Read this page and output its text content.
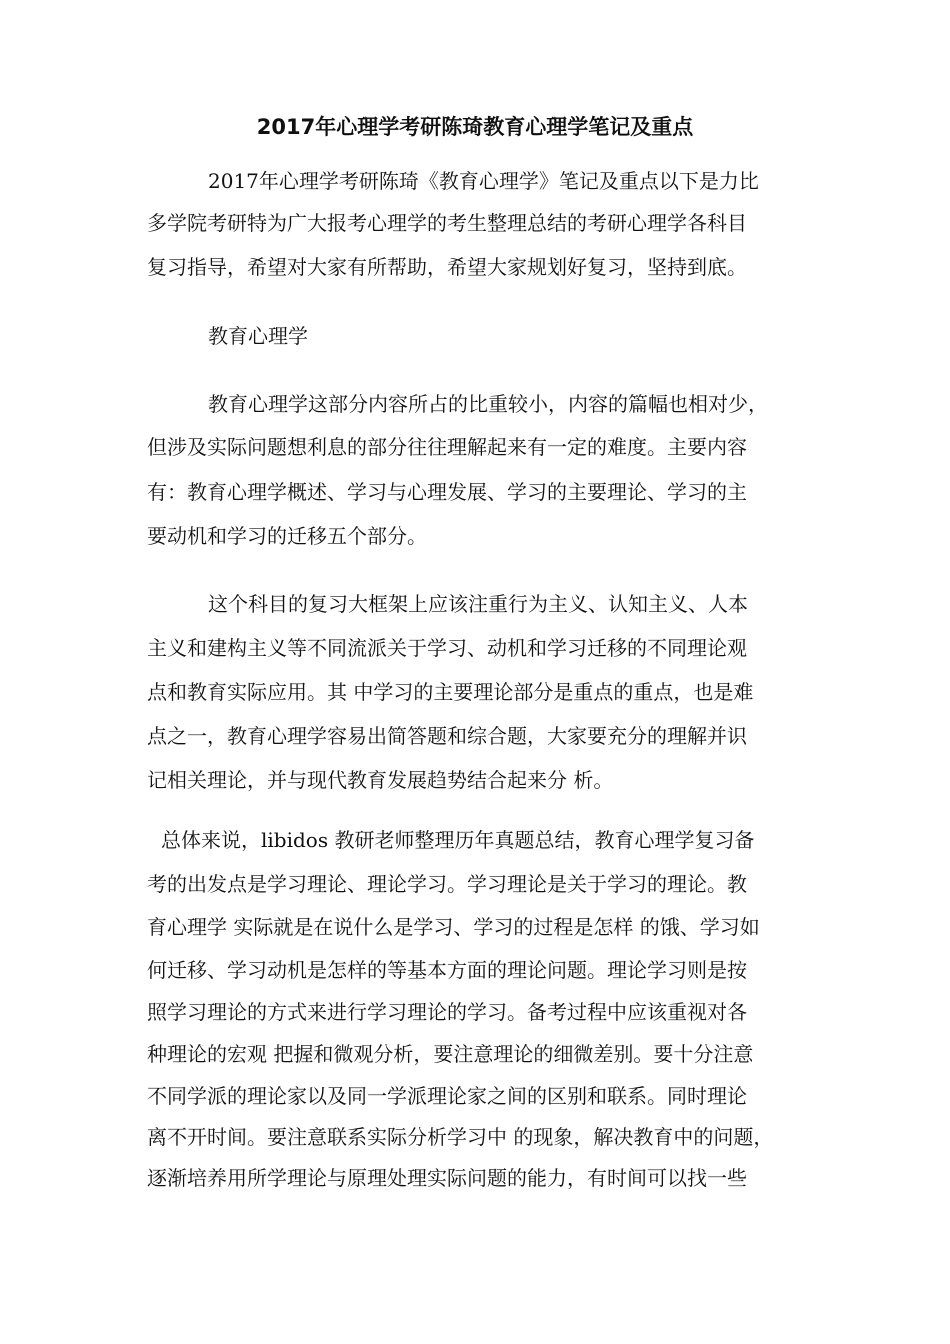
2017年心理学考研陈琦教育心理学笔记及重点
2017年心理学考研陈琦《教育心理学》笔记及重点以下是力比
多学院考研特为广大报考心理学的考生整理总结的考研心理学各科目
复习指导，希望对大家有所帮助，希望大家规划好复习，坚持到底。
教育心理学
教育心理学这部分内容所占的比重较小，内容的篇幅也相对少，
但涉及实际问题想利息的部分往往理解起来有一定的难度。主要内容
有：教育心理学概述、学习与心理发展、学习的主要理论、学习的主
要动机和学习的迁移五个部分。
这个科目的复习大框架上应该注重行为主义、认知主义、人本
主义和建构主义等不同流派关于学习、动机和学习迁移的不同理论观
点和教育实际应用。其 中学习的主要理论部分是重点的重点，也是难
点之一，教育心理学容易出简答题和综合题，大家要充分的理解并识
记相关理论，并与现代教育发展趋势结合起来分 析。
总体来说，libidos 教研老师整理历年真题总结，教育心理学复习备
考的出发点是学习理论、理论学习。学习理论是关于学习的理论。教
育心理学 实际就是在说什么是学习、学习的过程是怎样 的饿、学习如
何迁移、学习动机是怎样的等基本方面的理论问题。理论学习则是按
照学习理论的方式来进行学习理论的学习。备考过程中应该重视对各
种理论的宏观 把握和微观分析，要注意理论的细微差别。要十分注意
不同学派的理论家以及同一学派理论家之间的区别和联系。同时理论
离不开时间。要注意联系实际分析学习中 的现象，解决教育中的问题，
逐渐培养用所学理论与原理处理实际问题的能力，有时间可以找一些
